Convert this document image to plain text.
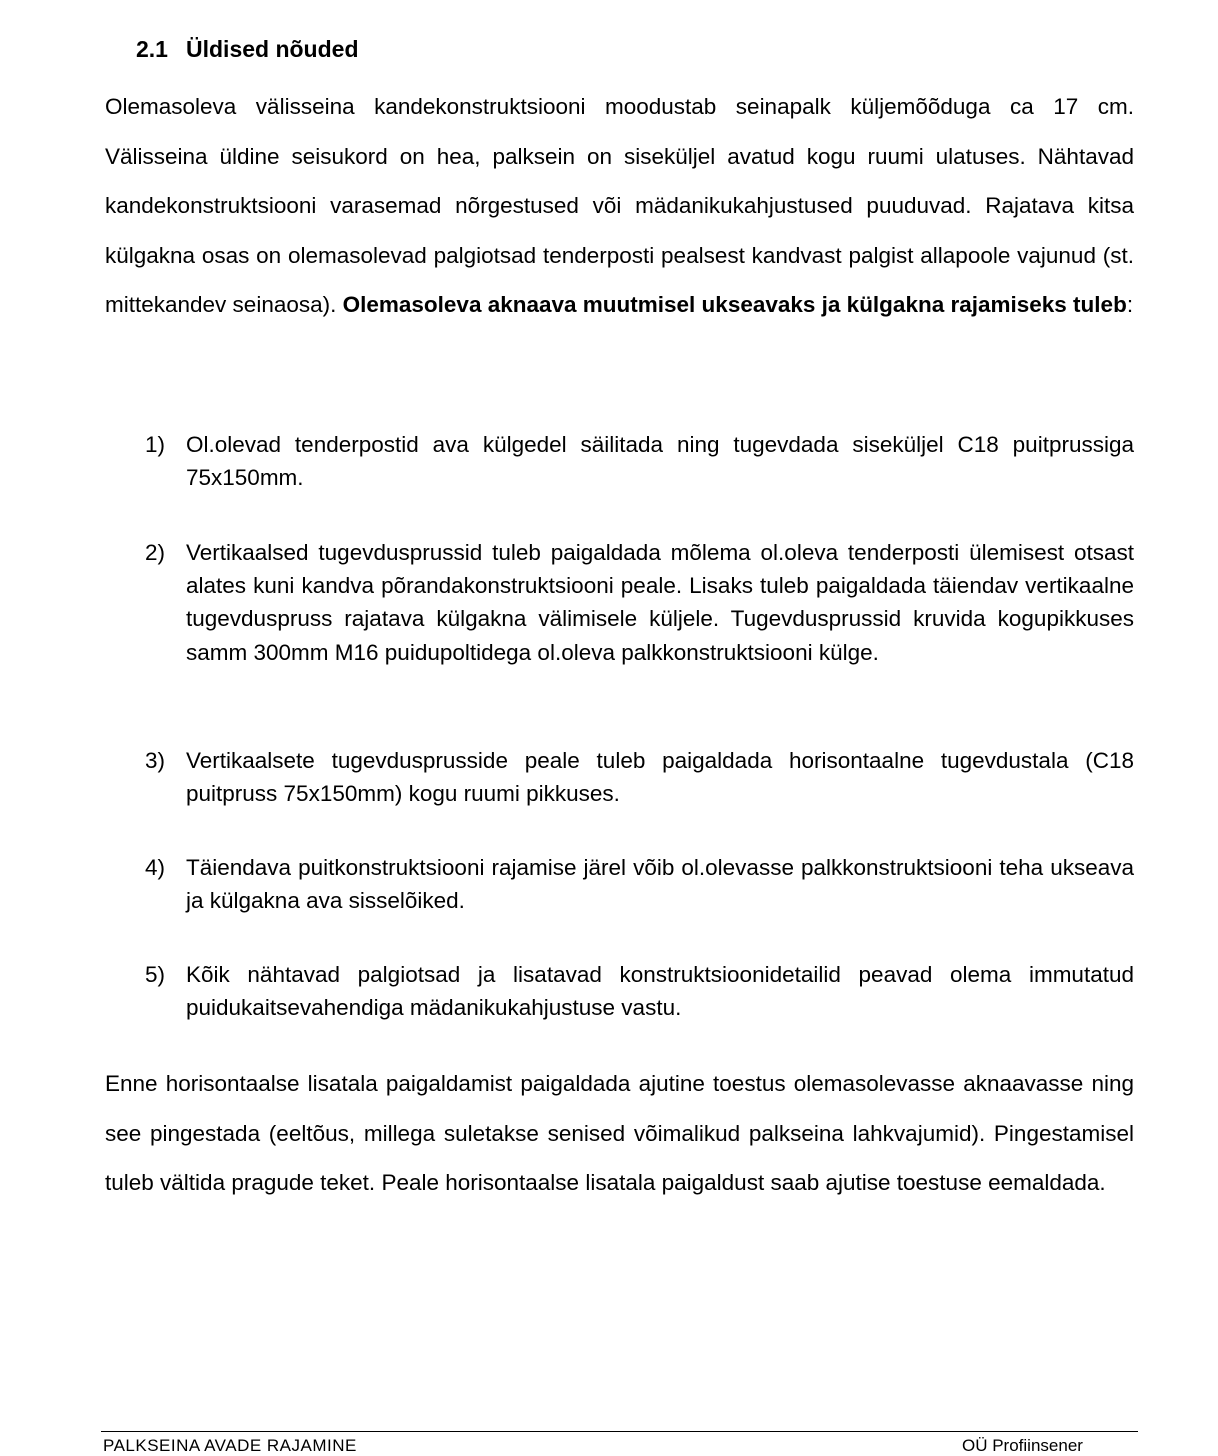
2.1 Üldised nõuded
Olemasoleva välisseina kandekonstruktsiooni moodustab seinapalk küljemõõduga ca 17 cm. Välisseina üldine seisukord on hea, palksein on siseküljel avatud kogu ruumi ulatuses. Nähtavad kandekonstruktsiooni varasemad nõrgestused või mädanikukahjustused puuduvad. Rajatava kitsa külgakna osas on olemasolevad palgiotsad tenderposti pealsest kandvast palgist allapoole vajunud (st. mittekandev seinaosa). Olemasoleva aknaava muutmisel ukseavaks ja külgakna rajamiseks tuleb:
1) Ol.olevad tenderpostid ava külgedel säilitada ning tugevdada siseküljel C18 puitprussiga 75x150mm.
2) Vertikaalsed tugevdusprussid tuleb paigaldada mõlema ol.oleva tenderposti ülemisest otsast alates kuni kandva põrandakonstruktsiooni peale. Lisaks tuleb paigaldada täiendav vertikaalne tugevduspruss rajatava külgakna välimisele küljele. Tugevdusprussid kruvida kogupikkuses samm 300mm M16 puidupoltidega ol.oleva palkkonstruktsiooni külge.
3) Vertikaalsete tugevdusprusside peale tuleb paigaldada horisontaalne tugevdustala (C18 puitpruss 75x150mm) kogu ruumi pikkuses.
4) Täiendava puitkonstruktsiooni rajamise järel võib ol.olevasse palkkonstruktsiooni teha ukseava ja külgakna ava sisselõiked.
5) Kõik nähtavad palgiotsad ja lisatavad konstruktsioonidetailid peavad olema immutatud puidukaitsevahendiga mädanikukahjustuse vastu.
Enne horisontaalse lisatala paigaldamist paigaldada ajutine toestus olemasolevasse aknaavasse ning see pingestada (eeltõus, millega suletakse senised võimalikud palkseina lahkvajumid). Pingestamisel tuleb vältida pragude teket. Peale horisontaalse lisatala paigaldust saab ajutise toestuse eemaldada.
PALKSEINA AVADE RAJAMINE	OÜ Profiinsener
